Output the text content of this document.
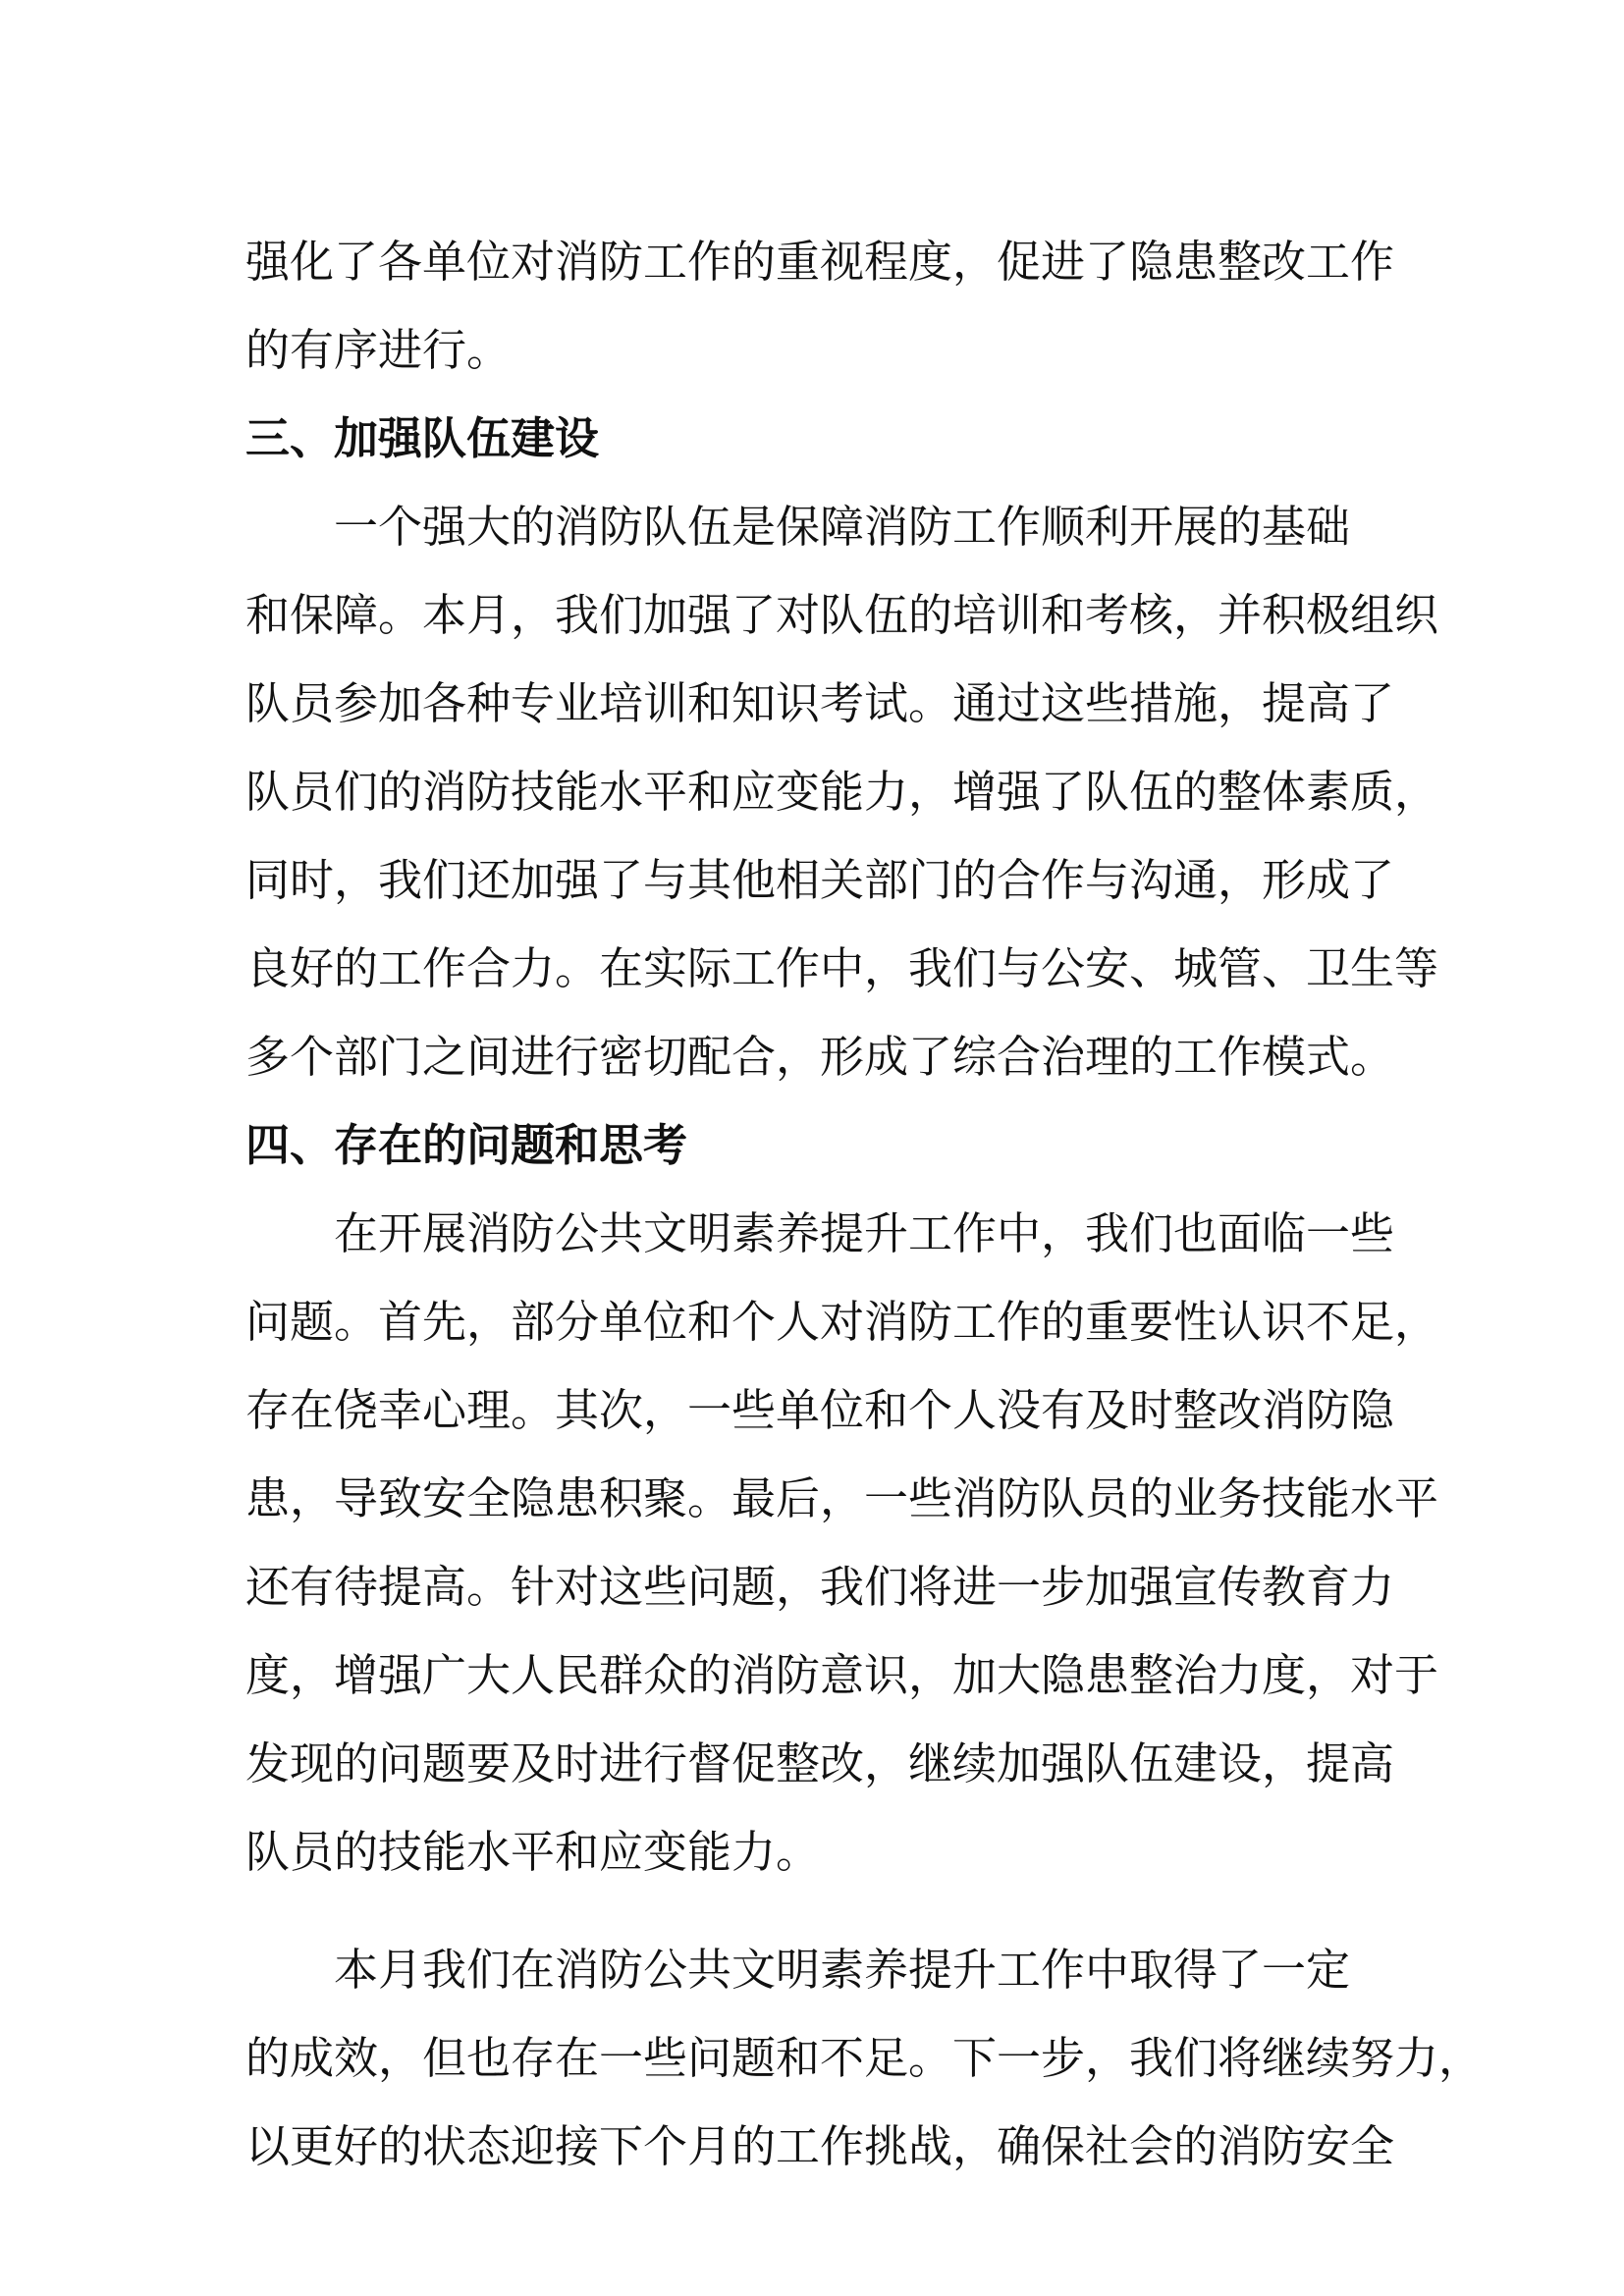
强化了各单位对消防工作的重视程度，促进了隐患整改工作
的有序进行。
三、加强队伍建设
一个强大的消防队伍是保障消防工作顺利开展的基础
和保障。本月，我们加强了对队伍的培训和考核，并积极组织
队员参加各种专业培训和知识考试。通过这些措施，提高了
队员们的消防技能水平和应变能力，增强了队伍的整体素质，
同时，我们还加强了与其他相关部门的合作与沟通，形成了
良好的工作合力。在实际工作中，我们与公安、城管、卫生等
多个部门之间进行密切配合，形成了综合治理的工作模式。
四、存在的问题和思考
在开展消防公共文明素养提升工作中，我们也面临一些
问题。首先，部分单位和个人对消防工作的重要性认识不足，
存在侥幸心理。其次，一些单位和个人没有及时整改消防隐
患，导致安全隐患积聚。最后，一些消防队员的业务技能水平
还有待提高。针对这些问题，我们将进一步加强宣传教育力
度，增强广大人民群众的消防意识，加大隐患整治力度，对于
发现的问题要及时进行督促整改，继续加强队伍建设，提高
队员的技能水平和应变能力。
本月我们在消防公共文明素养提升工作中取得了一定
的成效，但也存在一些问题和不足。下一步，我们将继续努力，
以更好的状态迎接下个月的工作挑战，确保社会的消防安全
